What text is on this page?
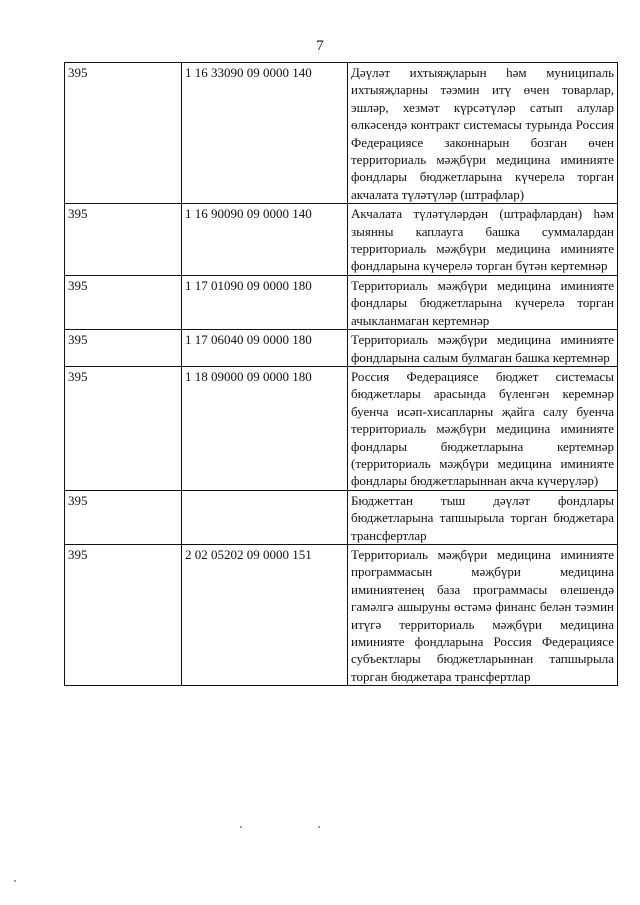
7
395	1 16 33090 09 0000 140	Дәүләт ихтыяҗларын һәм муниципаль ихтыяҗларны тәэмин итү өчен товарлар, эшләр, хезмәт күрсәтүләр сатып алулар өлкәсендә контракт системасы турында Россия Федерациясе законнарын бозган өчен территориаль мәҗбүри медицина иминияте фондлары бюджетларына күчерелә торган акчалата түләтүләр (штрафлар)
395	1 16 90090 09 0000 140	Акчалата түләтүләрдән (штрафлардан) һәм зыянны каплауга башка суммалардан территориаль мәҗбүри медицина иминияте фондларына күчерелә торган бүтән кертемнәр
395	1 17 01090 09 0000 180	Территориаль мәҗбүри медицина иминияте фондлары бюджетларына күчерелә торган ачыкланмаган кертемнәр
395	1 17 06040 09 0000 180	Территориаль мәҗбүри медицина иминияте фондларына салым булмаган башка кертемнәр
395	1 18 09000 09 0000 180	Россия Федерациясе бюджет системасы бюджетлары арасында бүленгән керемнәр буенча исәп-хисапларны җайга салу буенча территориаль мәҗбүри медицина иминияте фондлары бюджетларына кертемнәр (территориаль мәҗбүри медицина иминияте фондлары бюджетларыннан акча күчерүләр)
395		Бюджеттан тыш дәүләт фондлары бюджетларына тапшырыла торган бюджетара трансфертлар
395	2 02 05202 09 0000 151	Территориаль мәҗбүри медицина иминияте программасын мәҗбүри медицина иминиятенең база программасы өлешендә гамәлгә ашыруны өстәмә финанс белән тәэмин итүгә территориаль мәҗбүри медицина иминияте фондларына Россия Федерациясе субъектлары бюджетларыннан тапшырыла торган бюджетара трансфертлар
